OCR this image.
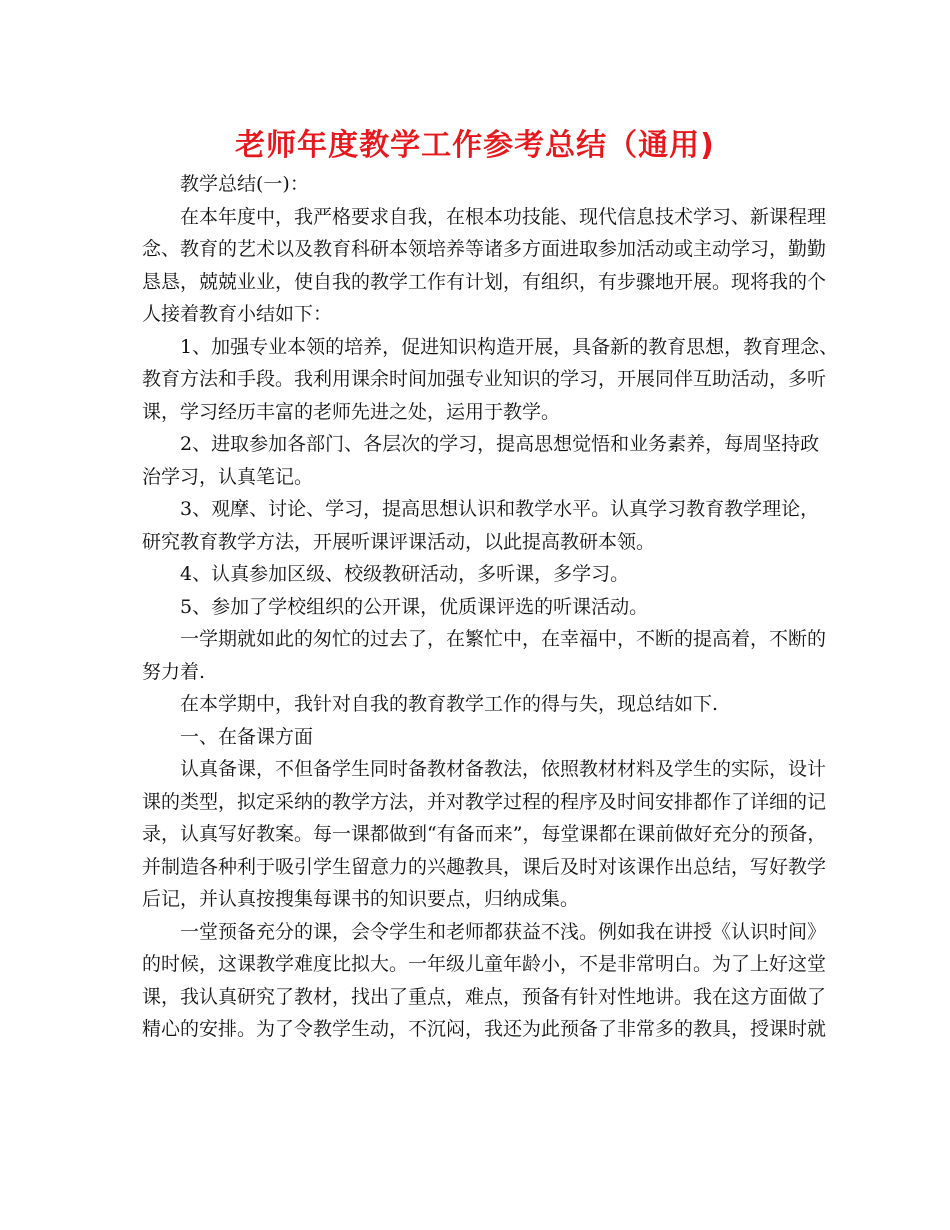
老师年度教学工作参考总结（通用)
教学总结(一)：
在本年度中，我严格要求自我，在根本功技能、现代信息技术学习、新课程理
念、教育的艺术以及教育科研本领培养等诸多方面进取参加活动或主动学习，勤勤
恳恳，兢兢业业，使自我的教学工作有计划，有组织，有步骤地开展。现将我的个
人接着教育小结如下：
1、加强专业本领的培养，促进知识构造开展，具备新的教育思想，教育理念、
教育方法和手段。我利用课余时间加强专业知识的学习，开展同伴互助活动，多听
课，学习经历丰富的老师先进之处，运用于教学。
2、进取参加各部门、各层次的学习，提高思想觉悟和业务素养，每周坚持政
治学习，认真笔记。
3、观摩、讨论、学习，提高思想认识和教学水平。认真学习教育教学理论，
研究教育教学方法，开展听课评课活动，以此提高教研本领。
4、认真参加区级、校级教研活动，多听课，多学习。
5、参加了学校组织的公开课，优质课评选的听课活动。
一学期就如此的匆忙的过去了，在繁忙中，在幸福中，不断的提高着，不断的
努力着.
在本学期中，我针对自我的教育教学工作的得与失，现总结如下.
一、在备课方面
认真备课，不但备学生同时备教材备教法，依照教材材料及学生的实际，设计
课的类型，拟定采纳的教学方法，并对教学过程的程序及时间安排都作了详细的记
录，认真写好教案。每一课都做到“有备而来”，每堂课都在课前做好充分的预备，
并制造各种利于吸引学生留意力的兴趣教具，课后及时对该课作出总结，写好教学
后记，并认真按搜集每课书的知识要点，归纳成集。
一堂预备充分的课，会令学生和老师都获益不浅。例如我在讲授《认识时间》
的时候，这课教学难度比拟大。一年级儿童年龄小，不是非常明白。为了上好这堂
课，我认真研究了教材，找出了重点，难点，预备有针对性地讲。我在这方面做了
精心的安排。为了令教学生动，不沉闷，我还为此预备了非常多的教具，授课时就
